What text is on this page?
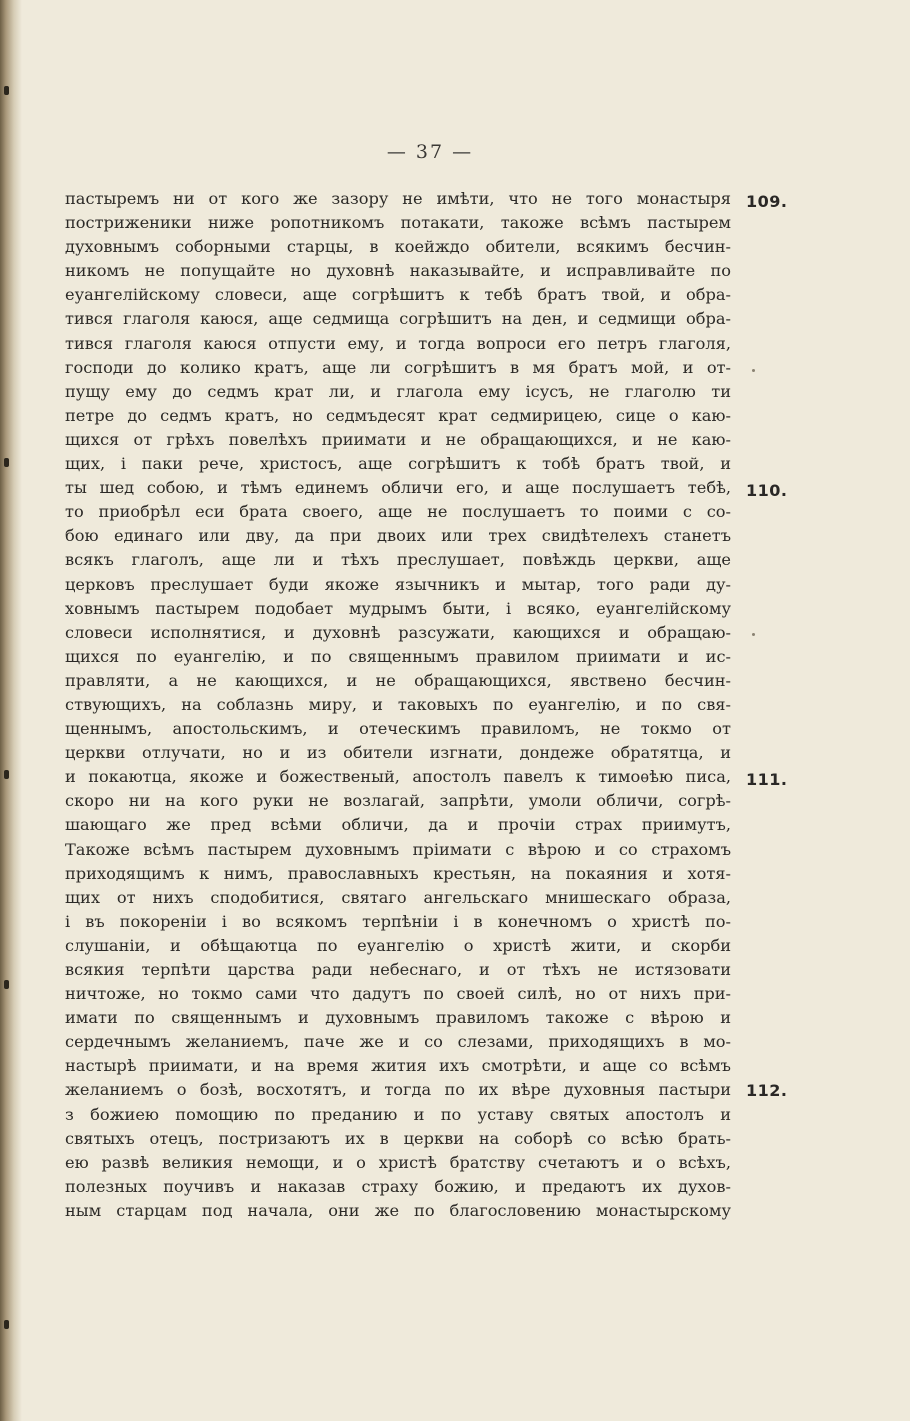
— 37 —
пастыремъ ни от кого же зазору не имѣти, что не того монастыря
постриженики ниже ропотникомъ потакати, такоже всѣмъ пастырем
духовнымъ соборными старцы, в коейждо обители, всякимъ бесчин-
никомъ не попущайте но духовнѣ наказывайте, и исправливайте по
еуангелiйскому словеси, аще согрѣшитъ к тебѣ братъ твой, и обра-
тився глаголя каюся, аще седмища согрѣшитъ на ден, и седмищи обра-
тився глаголя каюся отпусти ему, и тогда вопроси его петръ глаголя,
господи до колико кратъ, аще ли согрѣшитъ в мя братъ мой, и от-
пущу ему до седмъ крат ли, и глагола ему iсусъ, не глаголю ти
петре до седмъ кратъ, но седмъдесят крат седмирицею, сице о каю-
щихся от грѣхъ повелѣхъ приимати и не обращающихся, и не каю-
щих, i паки рече, христосъ, аще согрѣшитъ к тобѣ братъ твой, и
ты шед собою, и тѣмъ единемъ обличи его, и аще послушаетъ тебѣ,
то приобрѣл еси брата своего, аще не послушаетъ то поими с со-
бою единаго или дву, да при двоих или трех свидѣтелехъ станетъ
всякъ глаголъ, аще ли и тѣхъ преслушает, повѣждь церкви, аще
церковъ преслушает буди якоже язычникъ и мытар, того ради ду-
ховнымъ пастырем подобает мудрымъ быти, i всяко, еуангелiйскому
словеси исполнятися, и духовнѣ разсужати, кающихся и обращаю-
щихся по еуангелiю, и по священнымъ правилом приимати и ис-
правляти, а не кающихся, и не обращающихся, явствено бесчин-
ствующихъ, на соблазнь миру, и таковыхъ по еуангелiю, и по свя-
щеннымъ, апостольскимъ, и отеческимъ правиломъ, не токмо от
церкви отлучати, но и из обители изгнати, дондеже обратятца, и
и покаютца, якоже и божественый, апостолъ павелъ к тимоѳѣю писа,
скоро ни на кого руки не возлагай, запрѣти, умоли обличи, согрѣ-
шающаго же пред всѣми обличи, да и прочiи страх приимутъ,
Такоже всѣмъ пастырем духовнымъ прiимати с вѣрою и со страхомъ
приходящимъ к нимъ, православныхъ крестьян, на покаяния и хотя-
щих от нихъ сподобитися, святаго ангельскаго мнишескаго образа,
i въ покоренiи i во всякомъ терпѣнiи i в конечномъ о христѣ по-
слушанiи, и обѣщаютца по еуангелiю о христѣ жити, и скорби
всякия терпѣти царства ради небеснаго, и от тѣхъ не истязовати
ничтоже, но токмо сами что дадутъ по своей силѣ, но от нихъ при-
имати по священнымъ и духовнымъ правиломъ такоже с вѣрою и
сердечнымъ желаниемъ, паче же и со слезами, приходящихъ в мо-
настырѣ приимати, и на время жития ихъ смотрѣти, и аще со всѣмъ
желаниемъ о бозѣ, восхотятъ, и тогда по их вѣре духовныя пастыри
з божиею помощию по преданию и по уставу святых апостолъ и
святыхъ отецъ, постризаютъ их в церкви на соборѣ со всѣю брать-
ею развѣ великия немощи, и о христѣ братству счетаютъ и о всѣхъ,
полезных поучивъ и наказав страху божию, и предаютъ их духов-
ным старцам под начала, они же по благословению монастырскому
109.
110.
111.
112.
